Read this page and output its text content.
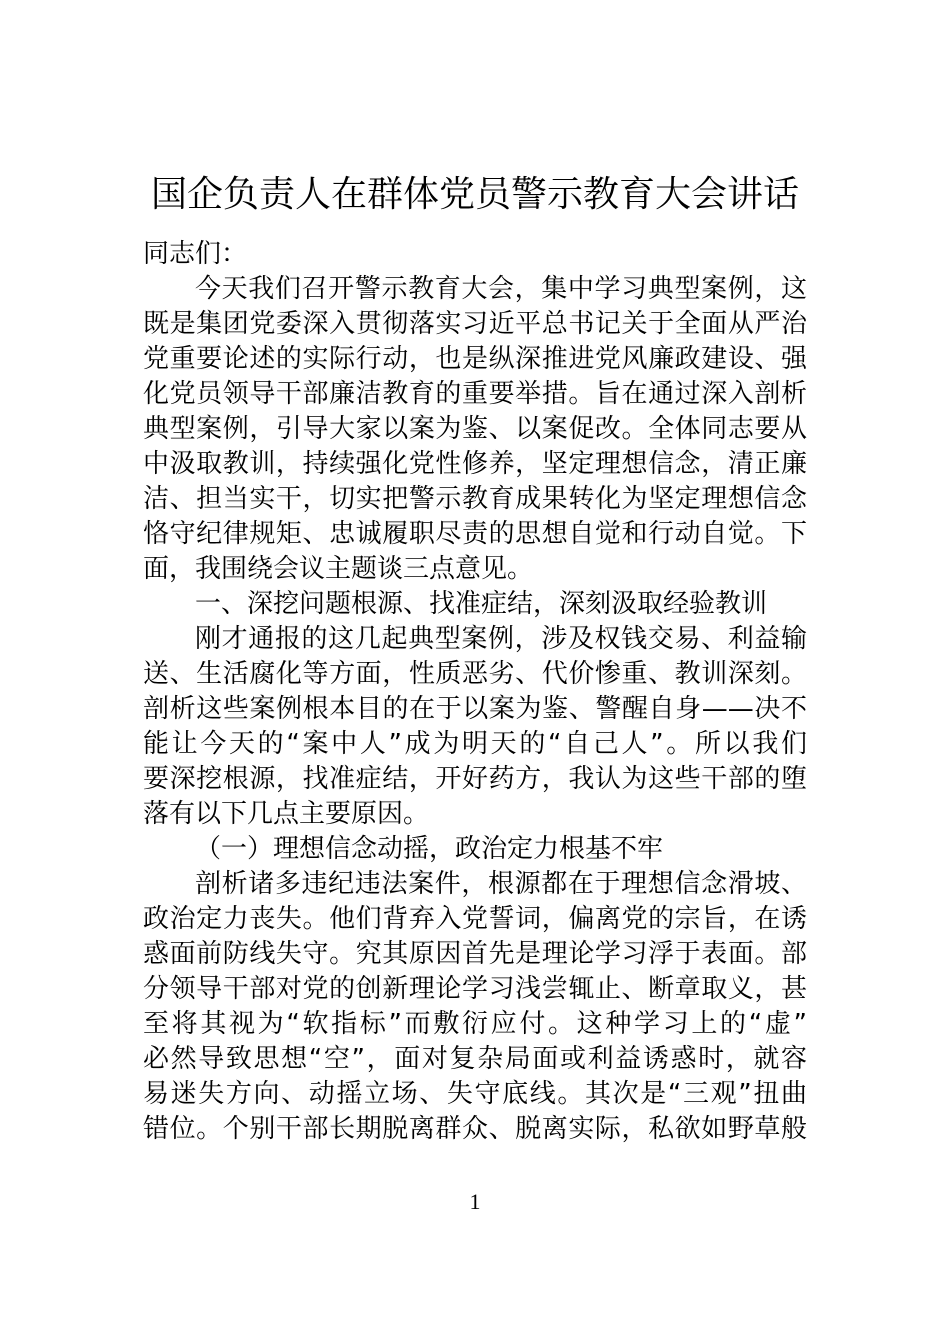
国企负责人在群体党员警示教育大会讲话
同志们：
今天我们召开警示教育大会，集中学习典型案例，这
既是集团党委深入贯彻落实习近平总书记关于全面从严治
党重要论述的实际行动，也是纵深推进党风廉政建设、强
化党员领导干部廉洁教育的重要举措。旨在通过深入剖析
典型案例，引导大家以案为鉴、以案促改。全体同志要从
中汲取教训，持续强化党性修养，坚定理想信念，清正廉
洁、担当实干，切实把警示教育成果转化为坚定理想信念
恪守纪律规矩、忠诚履职尽责的思想自觉和行动自觉。下
面，我围绕会议主题谈三点意见。
一、深挖问题根源、找准症结，深刻汲取经验教训
刚才通报的这几起典型案例，涉及权钱交易、利益输
送、生活腐化等方面，性质恶劣、代价惨重、教训深刻。
剖析这些案例根本目的在于以案为鉴、警醒自身——决不
能让今天的“案中人”成为明天的“自己人”。所以我们
要深挖根源，找准症结，开好药方，我认为这些干部的堕
落有以下几点主要原因。
（一）理想信念动摇，政治定力根基不牢
剖析诸多违纪违法案件，根源都在于理想信念滑坡、
政治定力丧失。他们背弃入党誓词，偏离党的宗旨，在诱
惑面前防线失守。究其原因首先是理论学习浮于表面。部
分领导干部对党的创新理论学习浅尝辄止、断章取义，甚
至将其视为“软指标”而敷衍应付。这种学习上的“虚”
必然导致思想“空”，面对复杂局面或利益诱惑时，就容
易迷失方向、动摇立场、失守底线。其次是“三观”扭曲
错位。个别干部长期脱离群众、脱离实际，私欲如野草般
1
